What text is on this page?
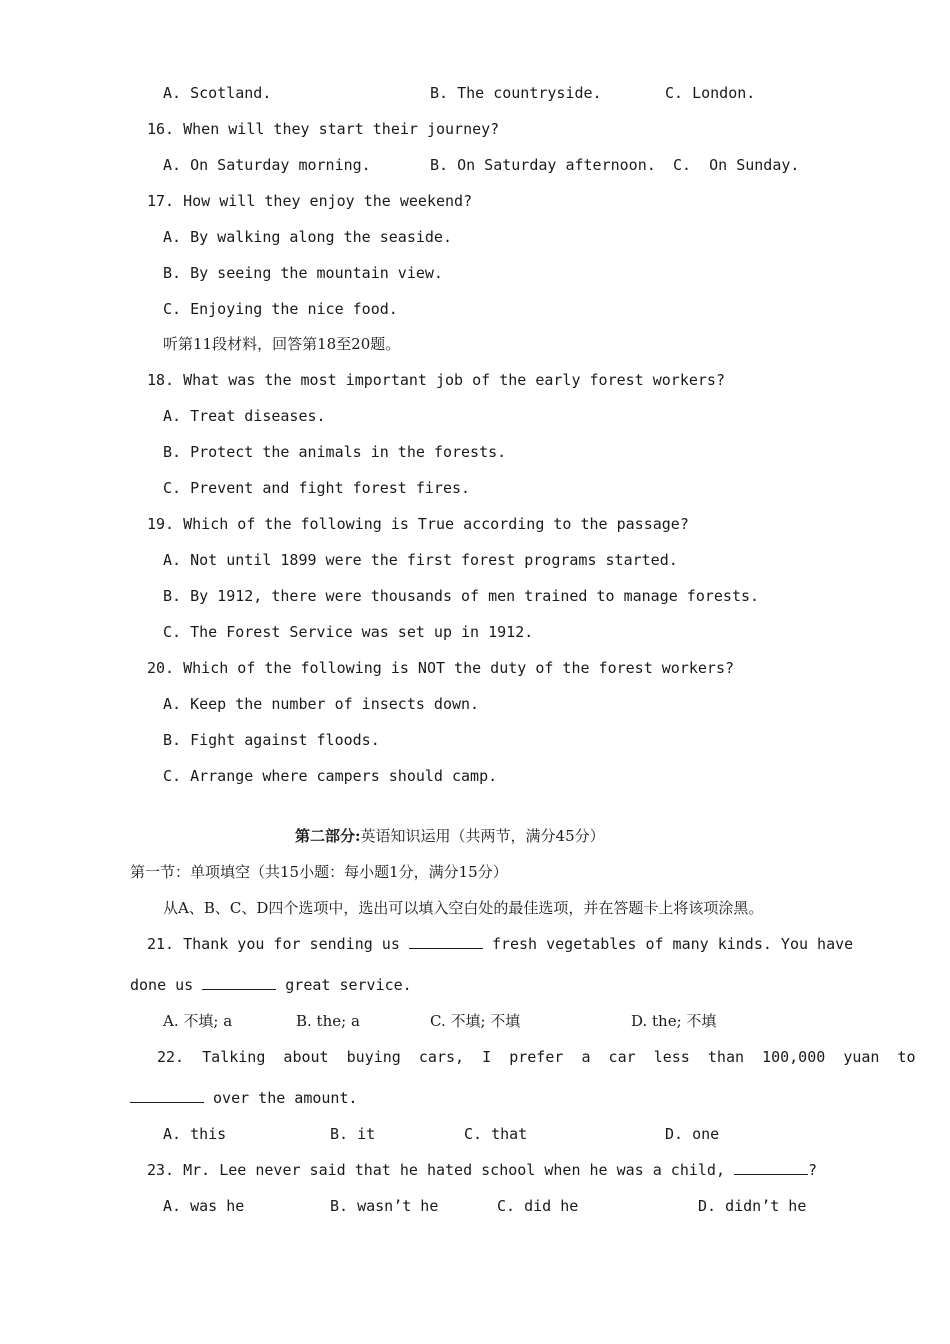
A. Scotland.	B. The countryside.	C. London.
16. When will they start their journey?
A. On Saturday morning.	B. On Saturday afternoon. C.  On Sunday.
17. How will they enjoy the weekend?
A. By walking along the seaside.
B. By seeing the mountain view.
C. Enjoying the nice food.
听第11段材料，回答第18至20题。
18. What was the most important job of the early forest workers?
A. Treat diseases.
B. Protect the animals in the forests.
C. Prevent and fight forest fires.
19. Which of the following is True according to the passage?
A. Not until 1899 were the first forest programs started.
B. By 1912, there were thousands of men trained to manage forests.
C. The Forest Service was set up in 1912.
20. Which of the following is NOT the duty of the forest workers?
A. Keep the number of insects down.
B. Fight against floods.
C. Arrange where campers should camp.
第二部分:英语知识运用（共两节，满分45分）
第一节：单项填空（共15小题：每小题1分，满分15分）
从A、B、C、D四个选项中，选出可以填入空白处的最佳选项，并在答题卡上将该项涂黑。
21. Thank you for sending us	fresh vegetables of many kinds. You have
done us	great service.
A. 不填; a	B. the; a	C. 不填; 不填	D. the; 不填
22.  Talking  about  buying  cars,  I  prefer  a  car  less  than  100,000  yuan  to
over the amount.
A. this	B. it	C. that	D. one
23. Mr. Lee never said that he hated school when he was a child,	?
A. was he	B. wasn’t he	C. did he	D. didn’t he
